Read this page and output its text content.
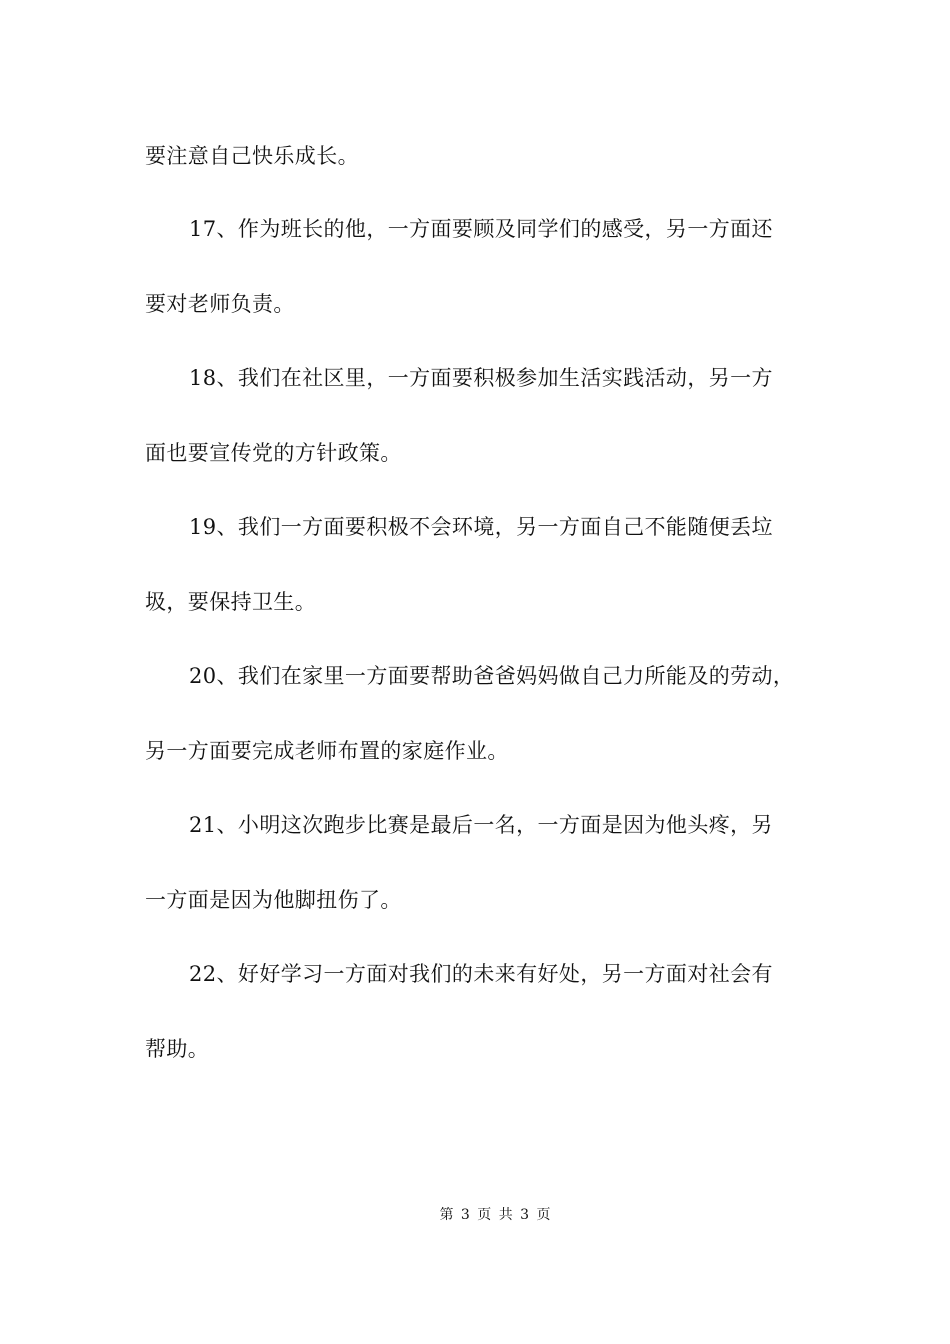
要注意自己快乐成长。
17、作为班长的他，一方面要顾及同学们的感受，另一方面还
要对老师负责。
18、我们在社区里，一方面要积极参加生活实践活动，另一方
面也要宣传党的方针政策。
19、我们一方面要积极不会环境，另一方面自己不能随便丢垃
圾，要保持卫生。
20、我们在家里一方面要帮助爸爸妈妈做自己力所能及的劳动，
另一方面要完成老师布置的家庭作业。
21、小明这次跑步比赛是最后一名，一方面是因为他头疼，另
一方面是因为他脚扭伤了。
22、好好学习一方面对我们的未来有好处，另一方面对社会有
帮助。
第 3 页 共 3 页
